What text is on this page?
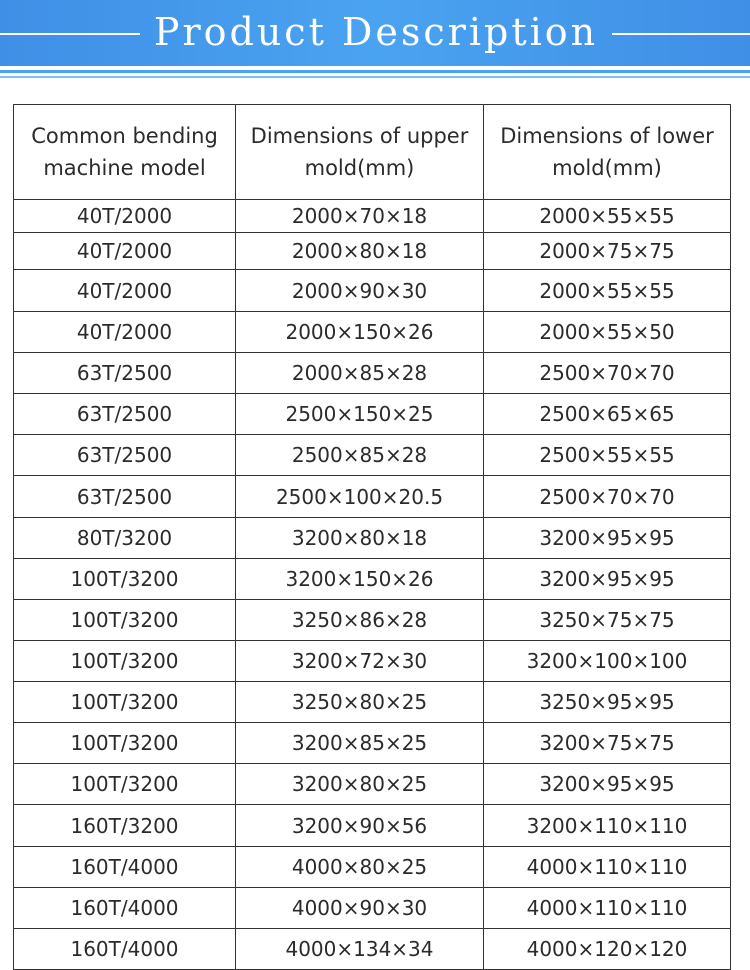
Product Description
Common bending machine model	Dimensions of upper mold(mm)	Dimensions of lower mold(mm)
40T/2000	2000×70×18	2000×55×55
40T/2000	2000×80×18	2000×75×75
40T/2000	2000×90×30	2000×55×55
40T/2000	2000×150×26	2000×55×50
63T/2500	2000×85×28	2500×70×70
63T/2500	2500×150×25	2500×65×65
63T/2500	2500×85×28	2500×55×55
63T/2500	2500×100×20.5	2500×70×70
80T/3200	3200×80×18	3200×95×95
100T/3200	3200×150×26	3200×95×95
100T/3200	3250×86×28	3250×75×75
100T/3200	3200×72×30	3200×100×100
100T/3200	3250×80×25	3250×95×95
100T/3200	3200×85×25	3200×75×75
100T/3200	3200×80×25	3200×95×95
160T/3200	3200×90×56	3200×110×110
160T/4000	4000×80×25	4000×110×110
160T/4000	4000×90×30	4000×110×110
160T/4000	4000×134×34	4000×120×120
